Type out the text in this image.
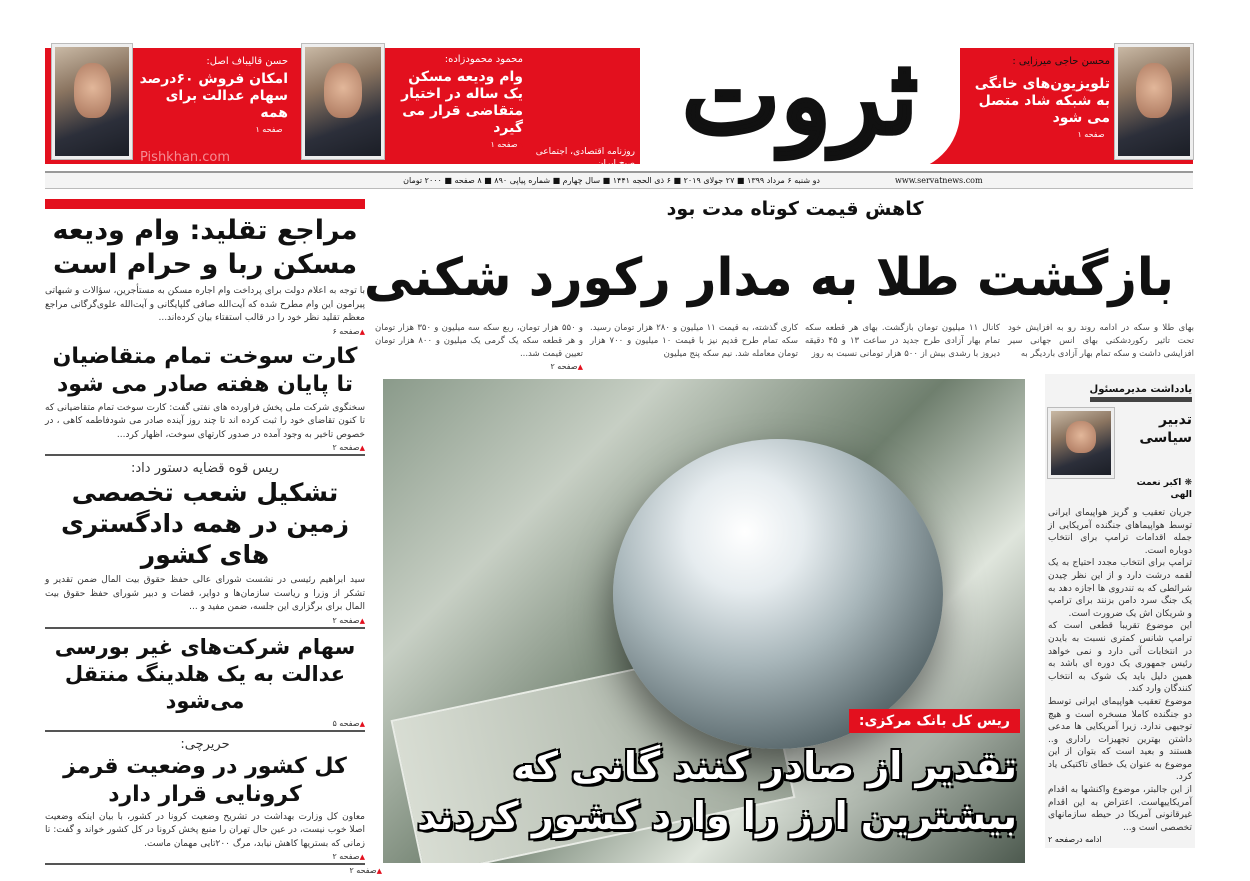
حسن قالیباف اصل:
امکان فروش ۶۰درصد سهام عدالت برای همه
▲ صفحه ۱
Pishkhan.com
محمود محمودزاده:
وام ودیعه مسکن یک ساله در اختیار متقاضی قرار می گیرد
▲ صفحه ۱	ثروت
روزنامه اقتصادی، اجتماعی صبح ایران
محسن حاجی میرزایی :
تلویزیون‌های خانگی به شبکه شاد متصل می شود
▲ صفحه ۱
دو شنبه ۶ مرداد ۱۳۹۹ ■ ۲۷ جولای ۲۰۱۹ ■ ۶ ذی الحجه ۱۴۴۱ ■ سال چهارم ■ شماره پیاپی ۸۹۰ ■ ۸ صفحه ■ ۲۰۰۰ تومان	www.servatnews.com
مراجع تقلید: وام ودیعه مسکن ربا و حرام است
با توجه به اعلام دولت برای پرداخت وام اجاره مسکن به مستأجرین، سؤالات و شبهاتی پیرامون این وام مطرح شده که آیت‌الله صافی گلپایگانی و آیت‌الله علوی‌گرگانی مراجع معظم تقلید نظر خود را در قالب استفتاء بیان کرده‌اند...
▲ صفحه ۶
کارت سوخت تمام متقاضیان تا پایان هفته صادر می شود
سخنگوی شرکت ملی پخش فراورده های نفتی گفت: کارت سوخت تمام متقاضیانی که تا کنون تقاضای خود را ثبت کرده اند تا چند روز آینده صادر می شودفاطمه کاهی ، در خصوص تاخیر به وجود آمده در صدور کارتهای سوخت، اظهار کرد...
▲ صفحه ۲
ریس قوه قضایه دستور داد:
تشکیل شعب تخصصی زمین در همه دادگستری های کشور
سید ابراهیم رئیسی در نشست شورای عالی حفظ حقوق بیت المال ضمن تقدیر و تشکر از وزرا و ریاست سازمان‌ها و دوایر، قضات و دبیر شورای حفظ حقوق بیت المال برای برگزاری این جلسه، ضمن مفید و ...
▲ صفحه ۲
سهام شرکت‌های غیر بورسی عدالت به یک هلدینگ منتقل می‌شود
▲ صفحه ۵
حریرچی:
کل کشور در وضعیت قرمز کرونایی قرار دارد
معاون کل وزارت بهداشت در تشریح وضعیت کرونا در کشور، با بیان اینکه وضعیت اصلا خوب نیست، در عین حال تهران را منبع پخش کرونا در کل کشور خواند و گفت: تا زمانی که بستریها کاهش نیابد، مرگ ۲۰۰تایی مهمان ماست.
▲ صفحه ۲
کاهش قیمت کوتاه مدت بود
بازگشت طلا به مدار رکورد شکنی
بهای طلا و سکه در ادامه روند رو به افزایش خود تحت تاثیر رکوردشکنی بهای انس جهانی سیر افزایشی داشت و سکه تمام بهار آزادی باردیگر به
کانال ۱۱ میلیون تومان بازگشت. بهای هر قطعه سکه تمام بهار آزادی طرح جدید در ساعت ۱۳ و ۴۵ دقیقه دیروز با رشدی بیش از ۵۰۰ هزار تومانی نسبت به روز
کاری گذشته، به قیمت ۱۱ میلیون و ۲۸۰ هزار تومان رسید. سکه تمام طرح قدیم نیز با قیمت ۱۰ میلیون و ۷۰۰ هزار تومان معامله شد. نیم سکه پنج میلیون
و ۵۵۰ هزار تومان، ربع سکه سه میلیون و ۳۵۰ هزار تومان و هر قطعه سکه یک گرمی یک میلیون و ۸۰۰ هزار تومان تعیین قیمت شد...
▲ صفحه ۲
ریس کل بانک مرکزی:
تقدیر از صادر کنند گانی که بیشترین ارز را وارد کشور کردند
▲ صفحه ۲
یادداشت مدیرمسئول
تدبیر سیاسی
❋ اکبر نعمت الهی

جریان تعقیب و گریز هواپیمای ایرانی توسط هواپیماهای جنگنده آمریکایی از جمله اقدامات ترامپ برای انتخاب دوباره است.

ترامپ برای انتخاب مجدد احتیاج به یک لقمه درشت دارد و از این نظر چیدن شرائطی که به تندروی ها اجازه دهد به یک جنگ سرد دامن بزنند برای ترامپ و شریکان اش یک ضرورت است.

این موضوع تقریبا قطعی است که ترامپ شانس کمتری نسبت به بایدن در انتخابات آتی دارد و نمی خواهد رئیس جمهوری یک دوره ای باشد به همین دلیل باید یک شوک به انتخاب کنندگان وارد کند.

موضوع تعقیب هواپیمای ایرانی توسط دو جنگنده کاملا مسخره است و هیچ توجیهی ندارد. زیرا آمریکایی ها مدعی داشتن بهترین تجهیزات راداری و.. هستند و بعید است که بتوان از این موضوع به عنوان یک خطای تاکتیکی یاد کرد.

از این جالبتر، موضوع واکنشها به اقدام آمریکاییهاست. اعتراض به این اقدام غیرقانونی آمریکا در حیطه سازمانهای تخصصی است و...

ادامه درصفحه ۲
